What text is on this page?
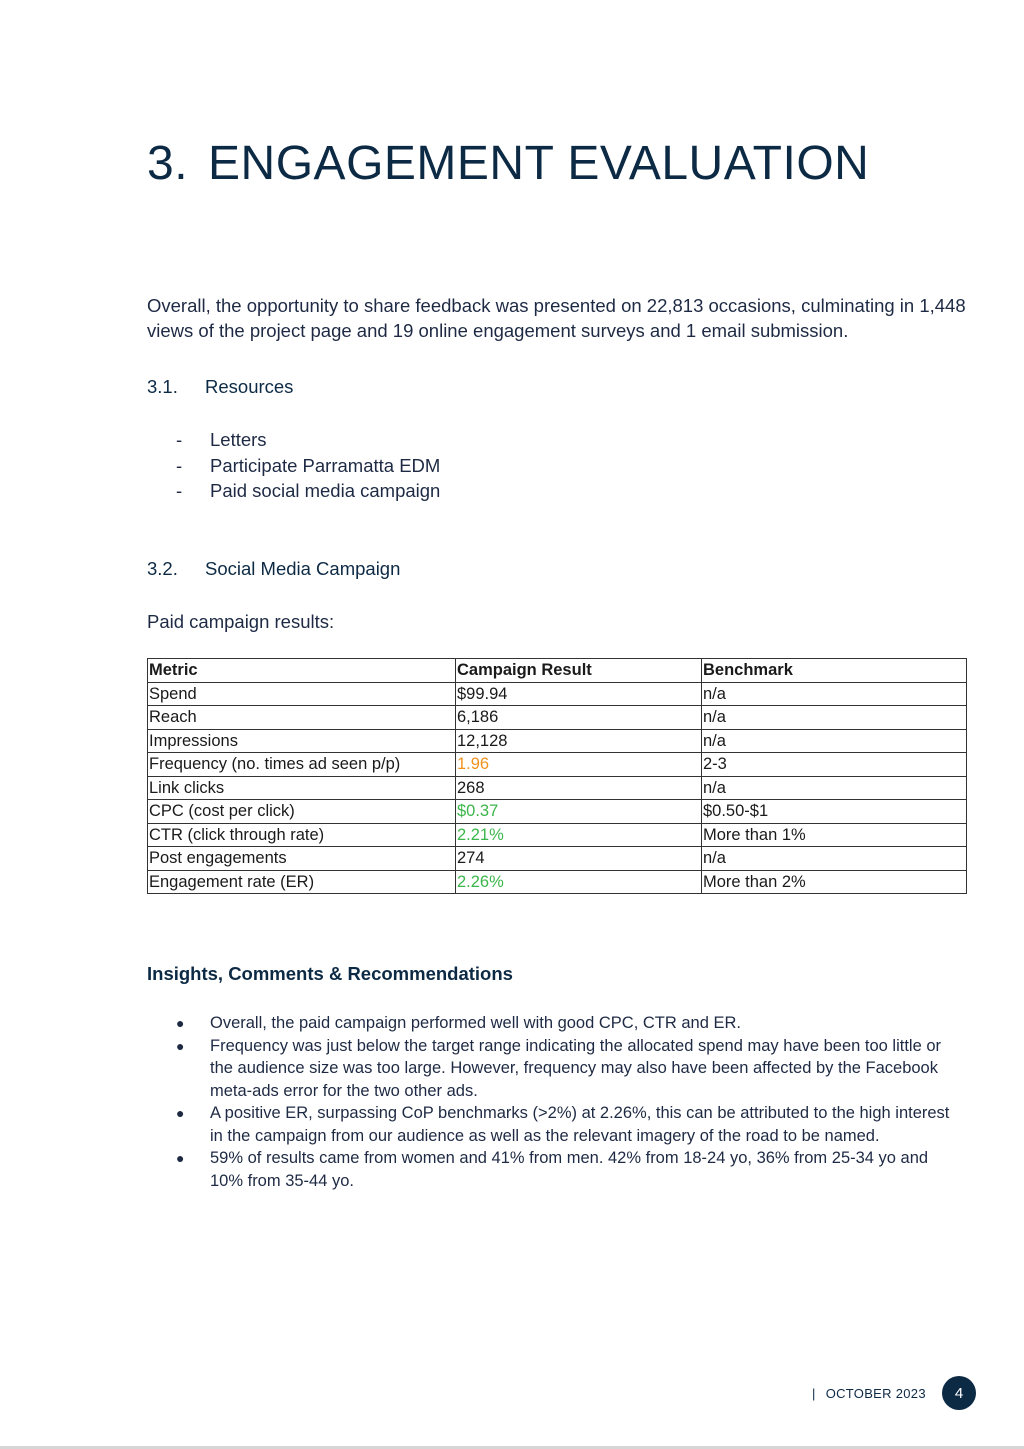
3. ENGAGEMENT EVALUATION

Overall, the opportunity to share feedback was presented on 22,813 occasions, culminating in 1,448 views of the project page and 19 online engagement surveys and 1 email submission.

3.1. Resources
- Letters
- Participate Parramatta EDM
- Paid social media campaign
3.2. Social Media Campaign

Paid campaign results:

Metric	Campaign Result	Benchmark
Spend	$99.94	n/a
Reach	6,186	n/a
Impressions	12,128	n/a
Frequency (no. times ad seen p/p)	1.96	2-3
Link clicks	268	n/a
CPC (cost per click)	$0.37	$0.50-$1
CTR (click through rate)	2.21%	More than 1%
Post engagements	274	n/a
Engagement rate (ER)	2.26%	More than 2%
Insights, Comments & Recommendations
● Overall, the paid campaign performed well with good CPC, CTR and ER.
● Frequency was just below the target range indicating the allocated spend may have been too little or the audience size was too large. However, frequency may also have been affected by the Facebook meta-ads error for the two other ads.
● A positive ER, surpassing CoP benchmarks (>2%) at 2.26%, this can be attributed to the high interest in the campaign from our audience as well as the relevant imagery of the road to be named.
● 59% of results came from women and 41% from men. 42% from 18-24 yo, 36% from 25-34 yo and 10% from 35-44 yo.
| OCTOBER 2023	4
